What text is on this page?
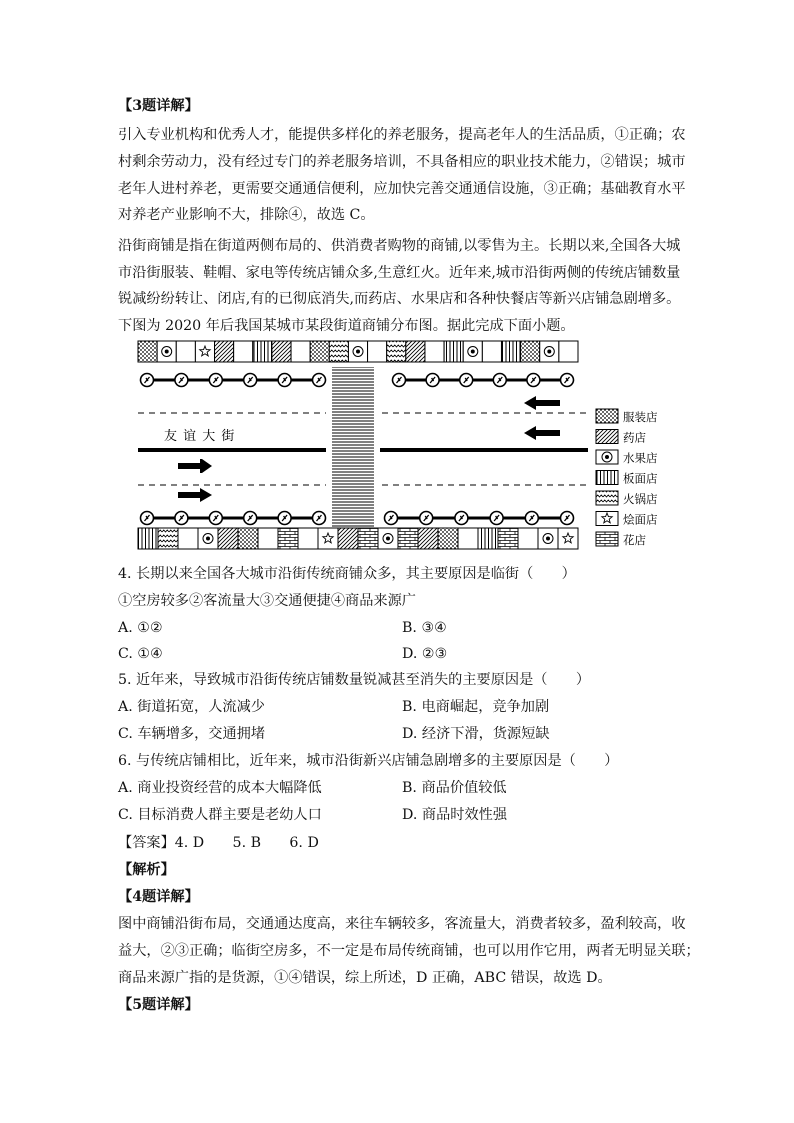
【3题详解】
引入专业机构和优秀人才，能提供多样化的养老服务，提高老年人的生活品质，①正确；农
村剩余劳动力，没有经过专门的养老服务培训，不具备相应的职业技术能力，②错误；城市
老年人进村养老，更需要交通通信便利，应加快完善交通通信设施，③正确；基础教育水平
对养老产业影响不大，排除④，故选 C。
沿街商铺是指在街道两侧布局的、供消费者购物的商铺,以零售为主。长期以来,全国各大城
市沿街服装、鞋帽、家电等传统店铺众多,生意红火。近年来,城市沿街两侧的传统店铺数量
锐减纷纷转让、闭店,有的已彻底消失,而药店、水果店和各种快餐店等新兴店铺急剧增多。
下图为 2020 年后我国某城市某段街道商铺分布图。据此完成下面小题。
友 谊 大 街
服装店
药店
水果店
板面店
火锅店
烩面店
花店
4. 长期以来全国各大城市沿街传统商铺众多，其主要原因是临街（　　）
①空房较多②客流量大③交通便捷④商品来源广
A. ①②	B. ③④
C. ①④	D. ②③
5. 近年来，导致城市沿街传统店铺数量锐减甚至消失的主要原因是（　　）
A. 街道拓宽，人流减少	B. 电商崛起，竞争加剧
C. 车辆增多，交通拥堵	D. 经济下滑，货源短缺
6. 与传统店铺相比，近年来，城市沿街新兴店铺急剧增多的主要原因是（　　）
A. 商业投资经营的成本大幅降低	B. 商品价值较低
C. 目标消费人群主要是老幼人口	D. 商品时效性强
【答案】4. D　　5. B　　6. D
【解析】
【4题详解】
图中商铺沿街布局，交通通达度高，来往车辆较多，客流量大，消费者较多，盈利较高，收
益大，②③正确；临街空房多，不一定是布局传统商铺，也可以用作它用，两者无明显关联；
商品来源广指的是货源，①④错误，综上所述，D 正确，ABC 错误，故选 D。
【5题详解】
